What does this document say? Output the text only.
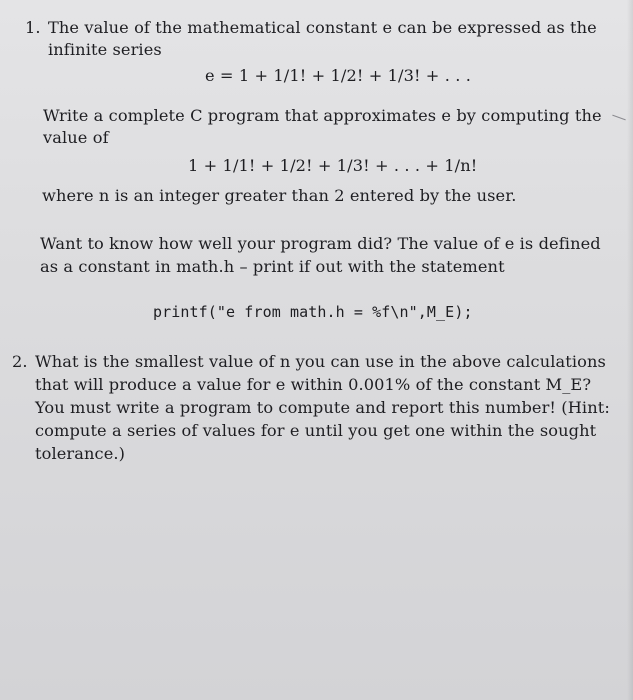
1. The value of the mathematical constant e can be expressed as the
infinite series
e = 1 + 1/1! + 1/2! + 1/3! + . . .
Write a complete C program that approximates e by computing the
value of
1 + 1/1! + 1/2! + 1/3! + . . . + 1/n!
where n is an integer greater than 2 entered by the user.
Want to know how well your program did? The value of e is defined
as a constant in math.h – print if out with the statement
printf("e from math.h = %f\n",M_E);
2. What is the smallest value of n you can use in the above calculations
that will produce a value for e within 0.001% of the constant M_E?
You must write a program to compute and report this number! (Hint:
compute a series of values for e until you get one within the sought
tolerance.)
